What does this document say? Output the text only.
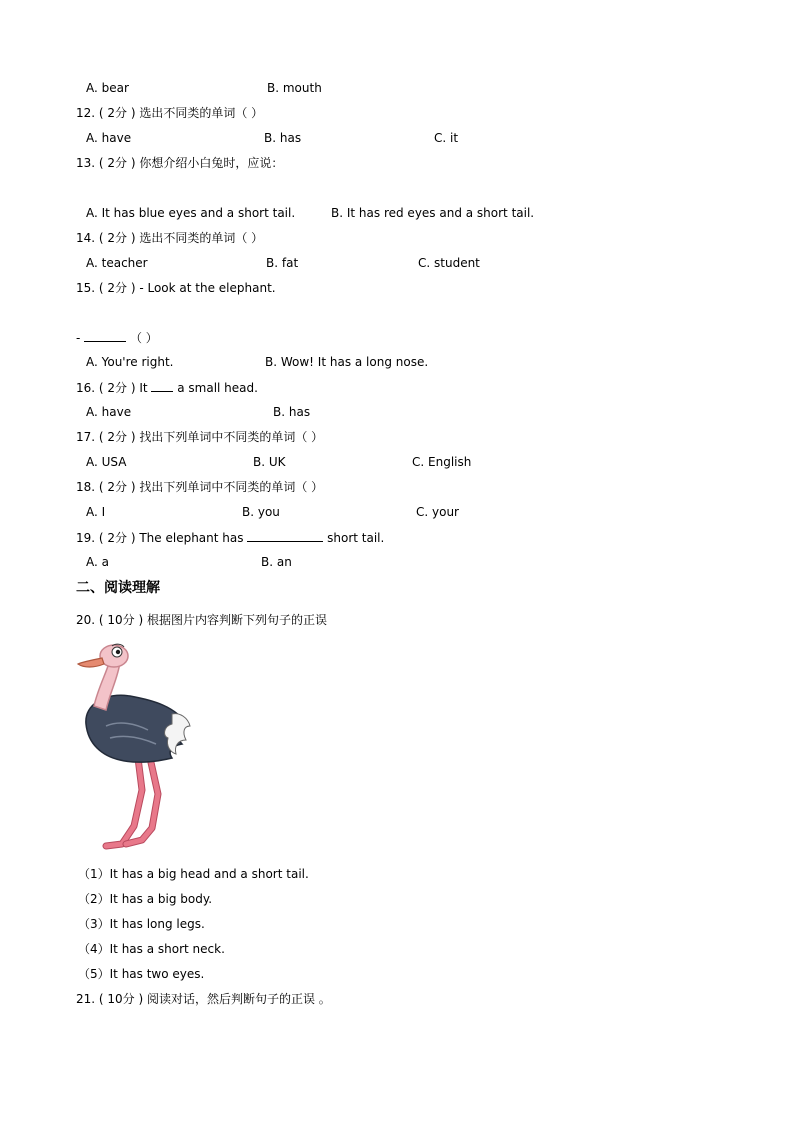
A. bear	B. mouth
12. ( 2分 ) 选出不同类的单词（ ）
A. have	B. has	C. it
13. ( 2分 ) 你想介绍小白兔时，应说：
A. It has blue eyes and a short tail.	B. It has red eyes and a short tail.
14. ( 2分 ) 选出不同类的单词（ ）
A. teacher	B. fat	C. student
15. ( 2分 ) - Look at the elephant.
-	（ ）
A. You're right.	B. Wow! It has a long nose.
16. ( 2分 ) It  a small head.
A. have	B. has
17. ( 2分 ) 找出下列单词中不同类的单词（ ）
A. USA	B. UK	C. English
18. ( 2分 ) 找出下列单词中不同类的单词（ ）
A. I	B. you	C. your
19. ( 2分 ) The elephant has	short tail.
A. a	B. an
二、阅读理解
20. ( 10分 ) 根据图片内容判断下列句子的正误
（1）It has a big head and a short tail.
（2）It has a big body.
（3）It has long legs.
（4）It has a short neck.
（5）It has two eyes.
21. ( 10分 ) 阅读对话，然后判断句子的正误 。
